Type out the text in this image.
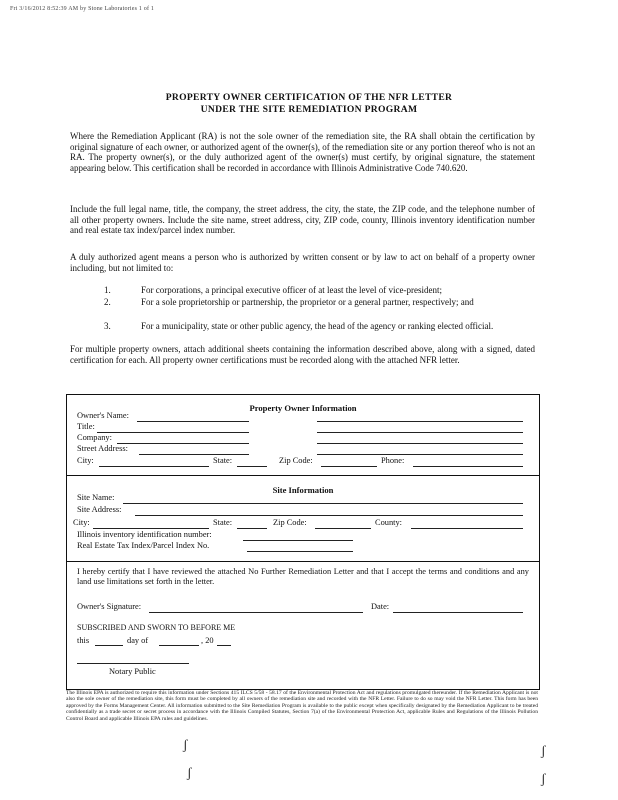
Fri 3/16/2012 8:52:39 AM by Stone Laboratories 1 of 1
PROPERTY OWNER CERTIFICATION OF THE NFR LETTER
UNDER THE SITE REMEDIATION PROGRAM
Where the Remediation Applicant (RA) is not the sole owner of the remediation site, the RA shall obtain the certification by original signature of each owner, or authorized agent of the owner(s), of the remediation site or any portion thereof who is not an RA. The property owner(s), or the duly authorized agent of the owner(s) must certify, by original signature, the statement appearing below. This certification shall be recorded in accordance with Illinois Administrative Code 740.620.
Include the full legal name, title, the company, the street address, the city, the state, the ZIP code, and the telephone number of all other property owners. Include the site name, street address, city, ZIP code, county, Illinois inventory identification number and real estate tax index/parcel index number.
A duly authorized agent means a person who is authorized by written consent or by law to act on behalf of a property owner including, but not limited to:
1.	For corporations, a principal executive officer of at least the level of vice-president;
2.	For a sole proprietorship or partnership, the proprietor or a general partner, respectively; and
3.	For a municipality, state or other public agency, the head of the agency or ranking elected official.
For multiple property owners, attach additional sheets containing the information described above, along with a signed, dated certification for each. All property owner certifications must be recorded along with the attached NFR letter.
Property Owner Information
Owner's Name:
Title:
Company:
Street Address:
City:	State:	Zip Code:	Phone:
Site Information
Site Name:
Site Address:
City:	State:	Zip Code:	County:
Illinois inventory identification number:
Real Estate Tax Index/Parcel Index No.
I hereby certify that I have reviewed the attached No Further Remediation Letter and that I accept the terms and conditions and any land use limitations set forth in the letter.
Owner's Signature:	Date:
SUBSCRIBED AND SWORN TO BEFORE ME
this	day of	, 20
Notary Public
The Illinois EPA is authorized to require this information under Sections 415 ILCS 5/58 - 58.17 of the Environmental Protection Act and regulations promulgated thereunder. If the Remediation Applicant is not also the sole owner of the remediation site, this form must be completed by all owners of the remediation site and recorded with the NFR Letter. Failure to do so may void the NFR Letter. This form has been approved by the Forms Management Center. All information submitted to the Site Remediation Program is available to the public except when specifically designated by the Remediation Applicant to be treated confidentially as a trade secret or secret process in accordance with the Illinois Compiled Statutes, Section 7(a) of the Environmental Protection Act, applicable Rules and Regulations of the Illinois Pollution Control Board and applicable Illinois EPA rules and guidelines.
ʃ
ʃ
ʃ
ʃ
